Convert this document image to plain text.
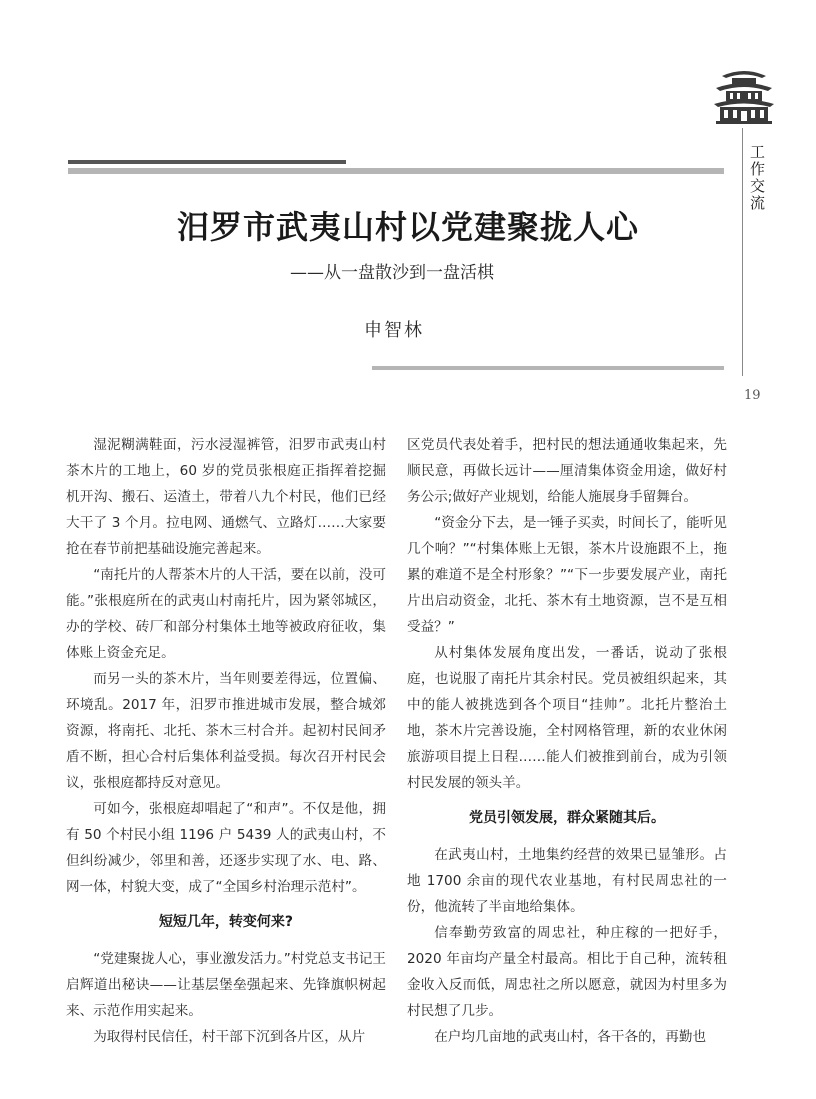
汨罗市武夷山村以党建聚拢人心
——从一盘散沙到一盘活棋
申智林
工作交流
19

湿泥糊满鞋面，污水浸湿裤管，汨罗市武夷山村茶木片的工地上，60 岁的党员张根庭正指挥着挖掘机开沟、搬石、运渣土，带着八九个村民，他们已经大干了 3 个月。拉电网、通燃气、立路灯……大家要抢在春节前把基础设施完善起来。

“南托片的人帮茶木片的人干活，要在以前，没可能。”张根庭所在的武夷山村南托片，因为紧邻城区，办的学校、砖厂和部分村集体土地等被政府征收，集体账上资金充足。

而另一头的茶木片，当年则要差得远，位置偏、环境乱。2017 年，汨罗市推进城市发展，整合城郊资源，将南托、北托、茶木三村合并。起初村民间矛盾不断，担心合村后集体利益受损。每次召开村民会议，张根庭都持反对意见。

可如今，张根庭却唱起了“和声”。不仅是他，拥有 50 个村民小组 1196 户 5439 人的武夷山村，不但纠纷减少，邻里和善，还逐步实现了水、电、路、网一体，村貌大变，成了“全国乡村治理示范村”。

短短几年，转变何来?

“党建聚拢人心，事业激发活力。”村党总支书记王启辉道出秘诀——让基层堡垒强起来、先锋旗帜树起来、示范作用实起来。

为取得村民信任，村干部下沉到各片区，从片

区党员代表处着手，把村民的想法通通收集起来，先顺民意，再做长远计——厘清集体资金用途，做好村务公示;做好产业规划，给能人施展身手留舞台。

“资金分下去，是一锤子买卖，时间长了，能听见几个响？”“村集体账上无银，茶木片设施跟不上，拖累的难道不是全村形象？”“下一步要发展产业，南托片出启动资金，北托、茶木有土地资源，岂不是互相受益？”

从村集体发展角度出发，一番话，说动了张根庭，也说服了南托片其余村民。党员被组织起来，其中的能人被挑选到各个项目“挂帅”。北托片整治土地，茶木片完善设施，全村网格管理，新的农业休闲旅游项目提上日程……能人们被推到前台，成为引领村民发展的领头羊。

党员引领发展，群众紧随其后。

在武夷山村，土地集约经营的效果已显雏形。占地 1700 余亩的现代农业基地，有村民周忠社的一份，他流转了半亩地给集体。

信奉勤劳致富的周忠社，种庄稼的一把好手，2020 年亩均产量全村最高。相比于自己种，流转租金收入反而低，周忠社之所以愿意，就因为村里多为村民想了几步。

在户均几亩地的武夷山村，各干各的，再勤也
